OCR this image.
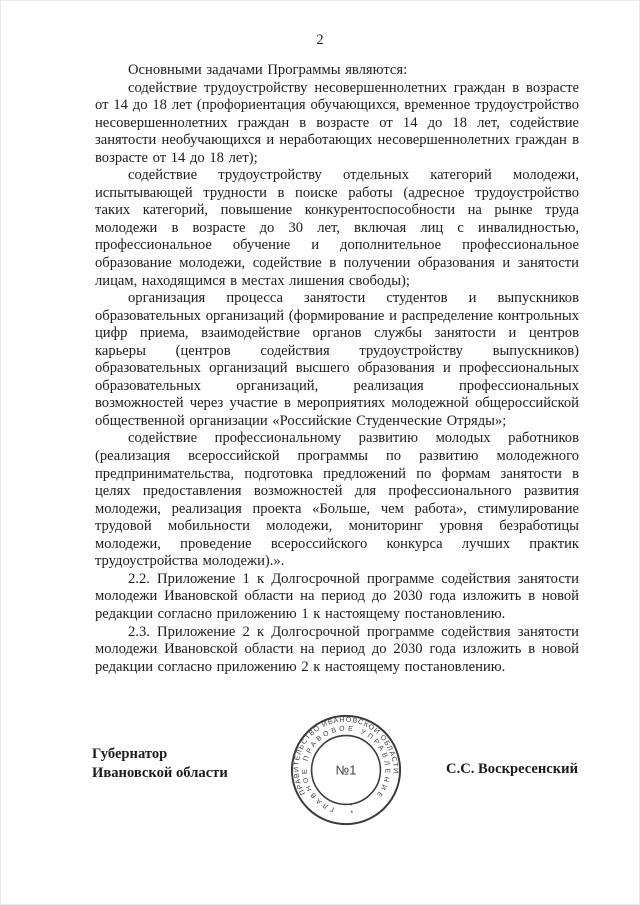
2

Основными задачами Программы являются:

содействие трудоустройству несовершеннолетних граждан в возрасте от 14 до 18 лет (профориентация обучающихся, временное трудоустройство несовершеннолетних граждан в возрасте от 14 до 18 лет, содействие занятости необучающихся и неработающих несовершеннолетних граждан в возрасте от 14 до 18 лет);

содействие трудоустройству отдельных категорий молодежи, испытывающей трудности в поиске работы (адресное трудоустройство таких категорий, повышение конкурентоспособности на рынке труда молодежи в возрасте до 30 лет, включая лиц с инвалидностью, профессиональное обучение и дополнительное профессиональное образование молодежи, содействие в получении образования и занятости лицам, находящимся в местах лишения свободы);

организация процесса занятости студентов и выпускников образовательных организаций (формирование и распределение контрольных цифр приема, взаимодействие органов службы занятости и центров карьеры (центров содействия трудоустройству выпускников) образовательных организаций высшего образования и профессиональных образовательных организаций, реализация профессиональных возможностей через участие в мероприятиях молодежной общероссийской общественной организации «Российские Студенческие Отряды»;

содействие профессиональному развитию молодых работников (реализация всероссийской программы по развитию молодежного предпринимательства, подготовка предложений по формам занятости в целях предоставления возможностей для профессионального развития молодежи, реализация проекта «Больше, чем работа», стимулирование трудовой мобильности молодежи, мониторинг уровня безработицы молодежи, проведение всероссийского конкурса лучших практик трудоустройства молодежи).».

2.2. Приложение 1 к Долгосрочной программе содействия занятости молодежи Ивановской области на период до 2030 года изложить в новой редакции согласно приложению 1 к настоящему постановлению.

2.3. Приложение 2 к Долгосрочной программе содействия занятости молодежи Ивановской области на период до 2030 года изложить в новой редакции согласно приложению 2 к настоящему постановлению.

Губернатор
Ивановской области
ПРАВИТЕЛЬСТВО ИВАНОВСКОЙ ОБЛАСТИ
ГЛАВНОЕ ПРАВОВОЕ УПРАВЛЕНИЕ
*
*
№1	С.С. Воскресенский
